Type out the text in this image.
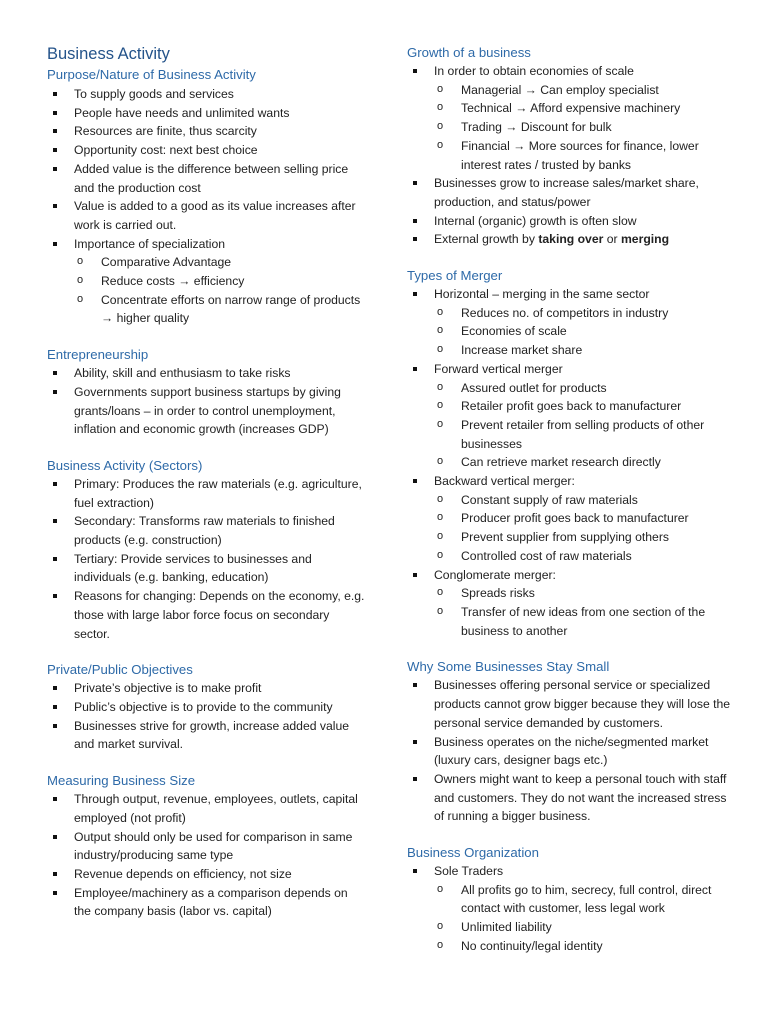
Business Activity
Purpose/Nature of Business Activity
To supply goods and services
People have needs and unlimited wants
Resources are finite, thus scarcity
Opportunity cost: next best choice
Added value is the difference between selling price and the production cost
Value is added to a good as its value increases after work is carried out.
Importance of specialization
o Comparative Advantage
o Reduce costs → efficiency
o Concentrate efforts on narrow range of products → higher quality
Entrepreneurship
Ability, skill and enthusiasm to take risks
Governments support business startups by giving grants/loans – in order to control unemployment, inflation and economic growth (increases GDP)
Business Activity (Sectors)
Primary: Produces the raw materials (e.g. agriculture, fuel extraction)
Secondary: Transforms raw materials to finished products (e.g. construction)
Tertiary: Provide services to businesses and individuals (e.g. banking, education)
Reasons for changing: Depends on the economy, e.g. those with large labor force focus on secondary sector.
Private/Public Objectives
Private’s objective is to make profit
Public’s objective is to provide to the community
Businesses strive for growth, increase added value and market survival.
Measuring Business Size
Through output, revenue, employees, outlets, capital employed (not profit)
Output should only be used for comparison in same industry/producing same type
Revenue depends on efficiency, not size
Employee/machinery as a comparison depends on the company basis (labor vs. capital)
Growth of a business
In order to obtain economies of scale
o Managerial → Can employ specialist
o Technical → Afford expensive machinery
o Trading → Discount for bulk
o Financial → More sources for finance, lower interest rates / trusted by banks
Businesses grow to increase sales/market share, production, and status/power
Internal (organic) growth is often slow
External growth by taking over or merging
Types of Merger
Horizontal – merging in the same sector
o Reduces no. of competitors in industry
o Economies of scale
o Increase market share
Forward vertical merger
o Assured outlet for products
o Retailer profit goes back to manufacturer
o Prevent retailer from selling products of other businesses
o Can retrieve market research directly
Backward vertical merger:
o Constant supply of raw materials
o Producer profit goes back to manufacturer
o Prevent supplier from supplying others
o Controlled cost of raw materials
Conglomerate merger:
o Spreads risks
o Transfer of new ideas from one section of the business to another
Why Some Businesses Stay Small
Businesses offering personal service or specialized products cannot grow bigger because they will lose the personal service demanded by customers.
Business operates on the niche/segmented market (luxury cars, designer bags etc.)
Owners might want to keep a personal touch with staff and customers. They do not want the increased stress of running a bigger business.
Business Organization
Sole Traders
o All profits go to him, secrecy, full control, direct contact with customer, less legal work
o Unlimited liability
o No continuity/legal identity
